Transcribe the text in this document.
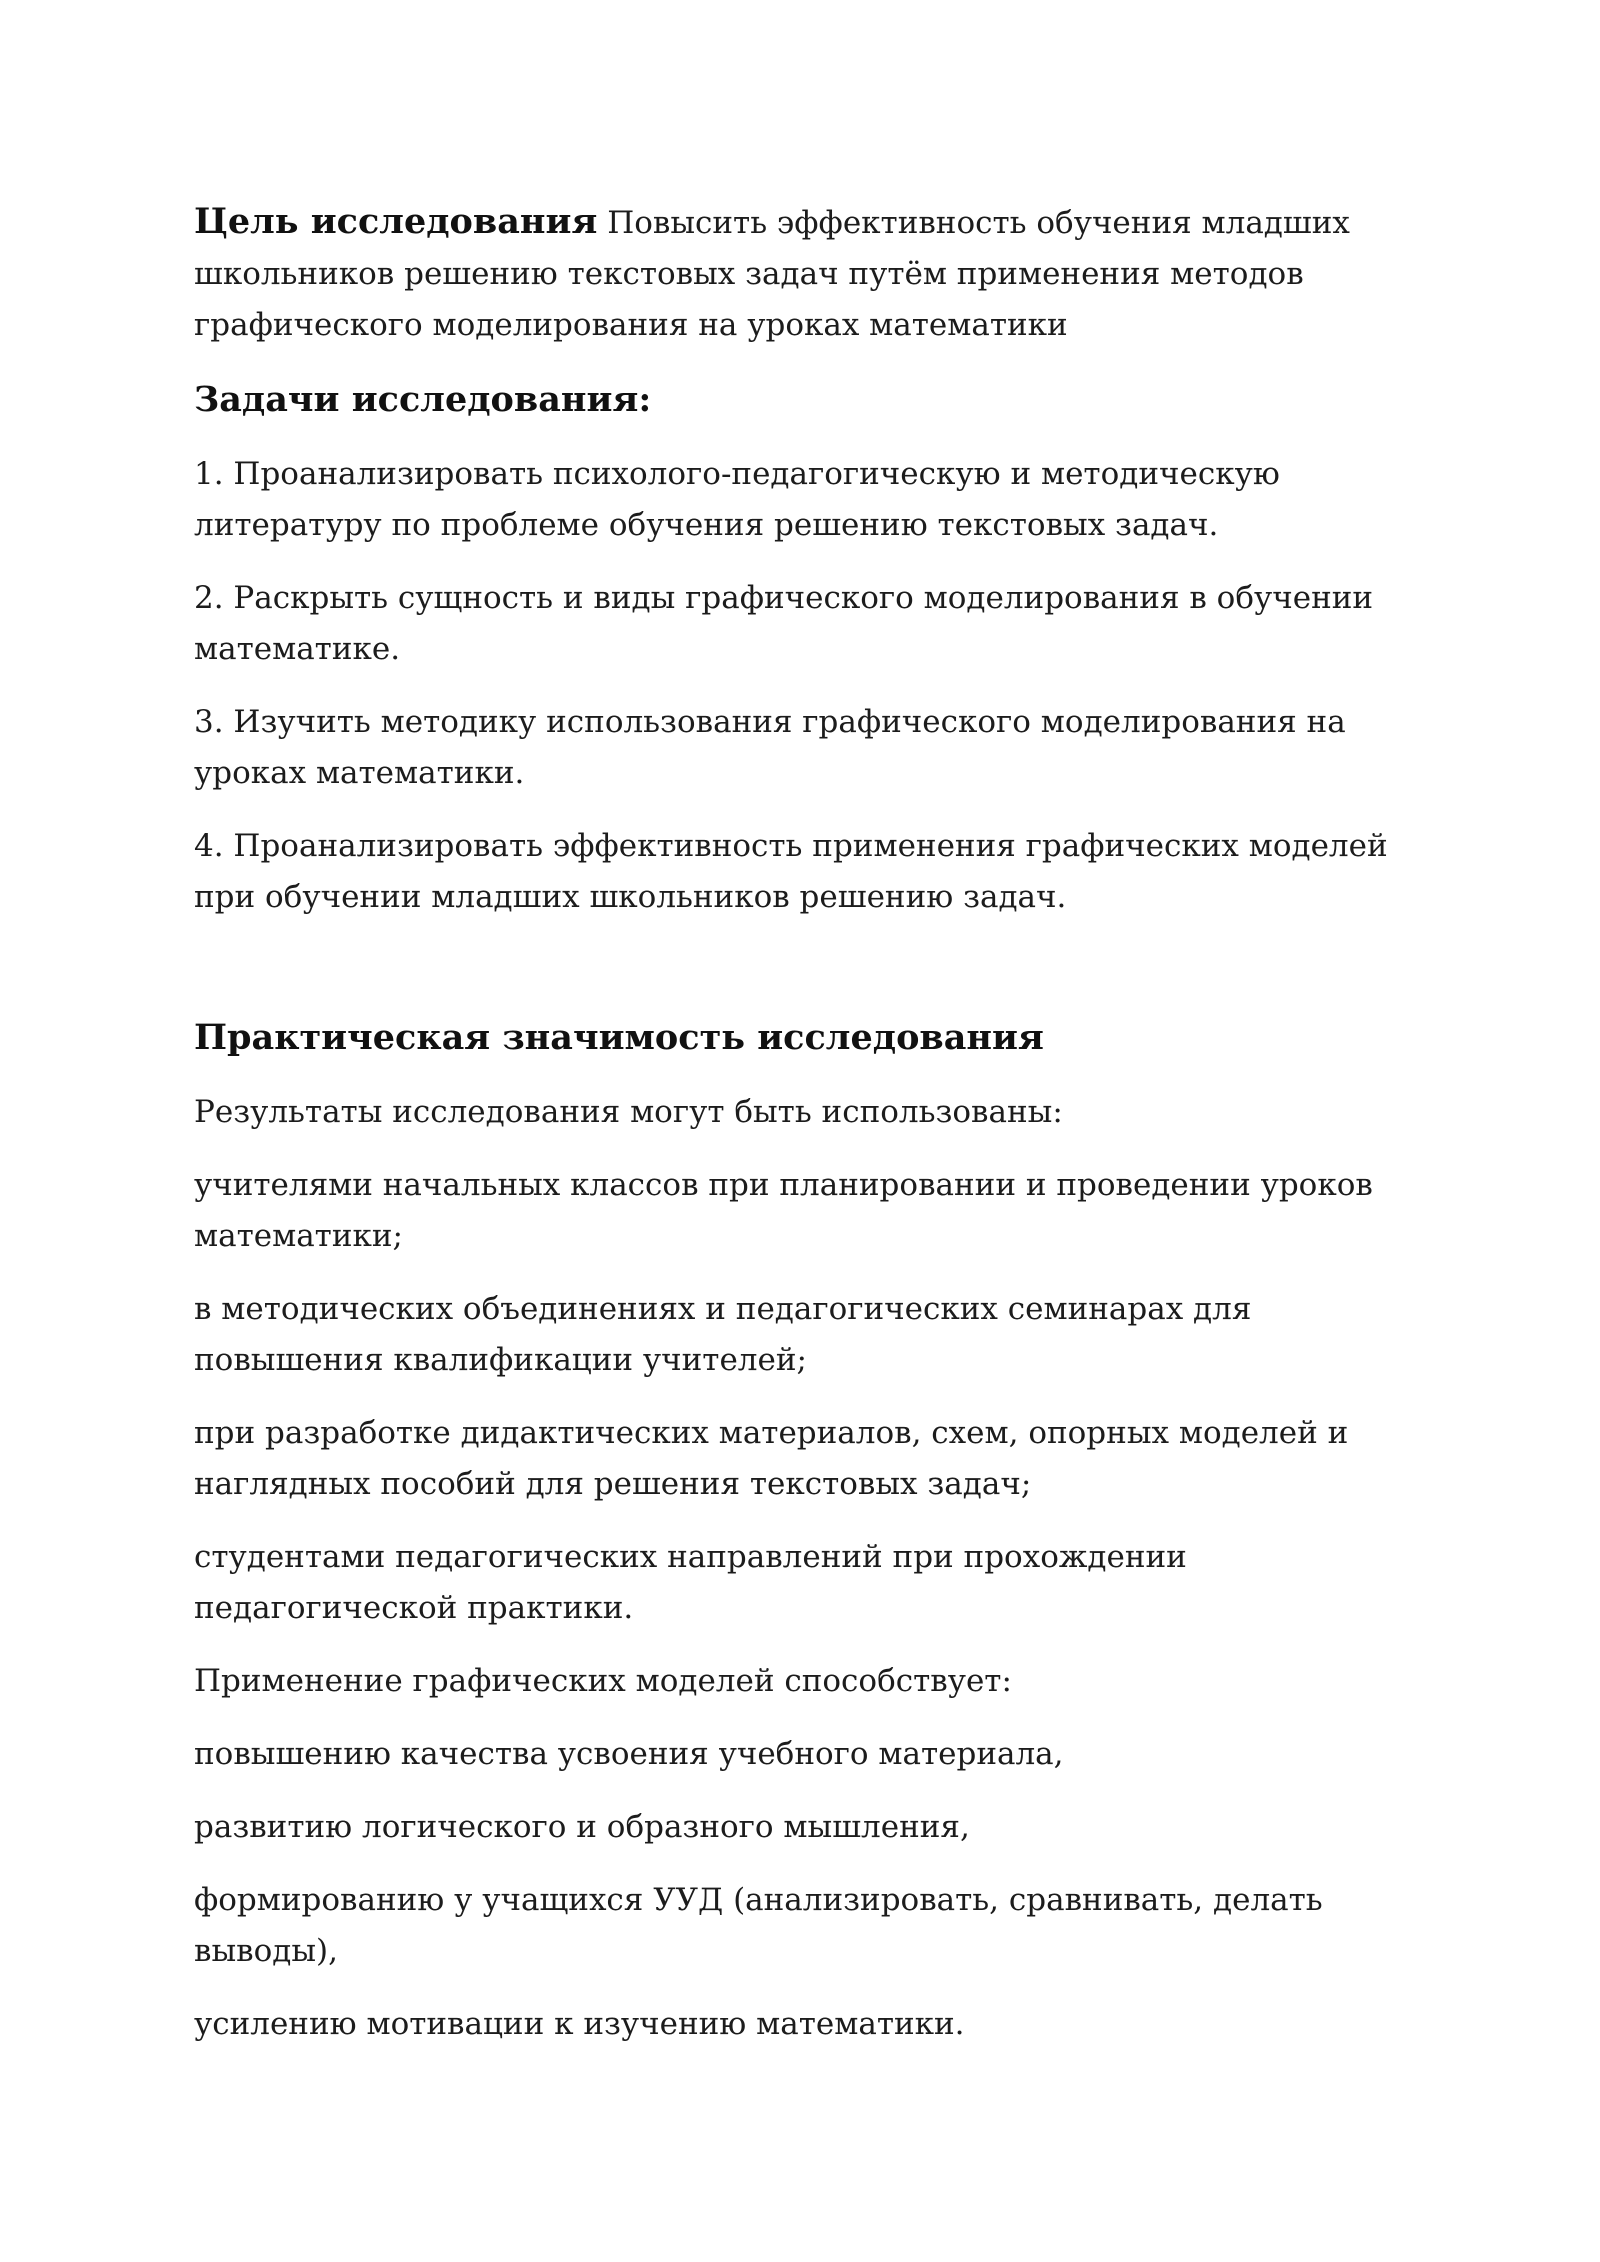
Цель исследования Повысить эффективность обучения младших школьников решению текстовых задач путём применения методов графического моделирования на уроках математики

Задачи исследования:

1. Проанализировать психолого-педагогическую и методическую литературу по проблеме обучения решению текстовых задач.

2. Раскрыть сущность и виды графического моделирования в обучении математике.

3. Изучить методику использования графического моделирования на уроках математики.

4. Проанализировать эффективность применения графических моделей при обучении младших школьников решению задач.

Практическая значимость исследования

Результаты исследования могут быть использованы:

учителями начальных классов при планировании и проведении уроков математики;

в методических объединениях и педагогических семинарах для повышения квалификации учителей;

при разработке дидактических материалов, схем, опорных моделей и наглядных пособий для решения текстовых задач;

студентами педагогических направлений при прохождении педагогической практики.

Применение графических моделей способствует:

повышению качества усвоения учебного материала,

развитию логического и образного мышления,

формированию у учащихся УУД (анализировать, сравнивать, делать выводы),

усилению мотивации к изучению математики.
